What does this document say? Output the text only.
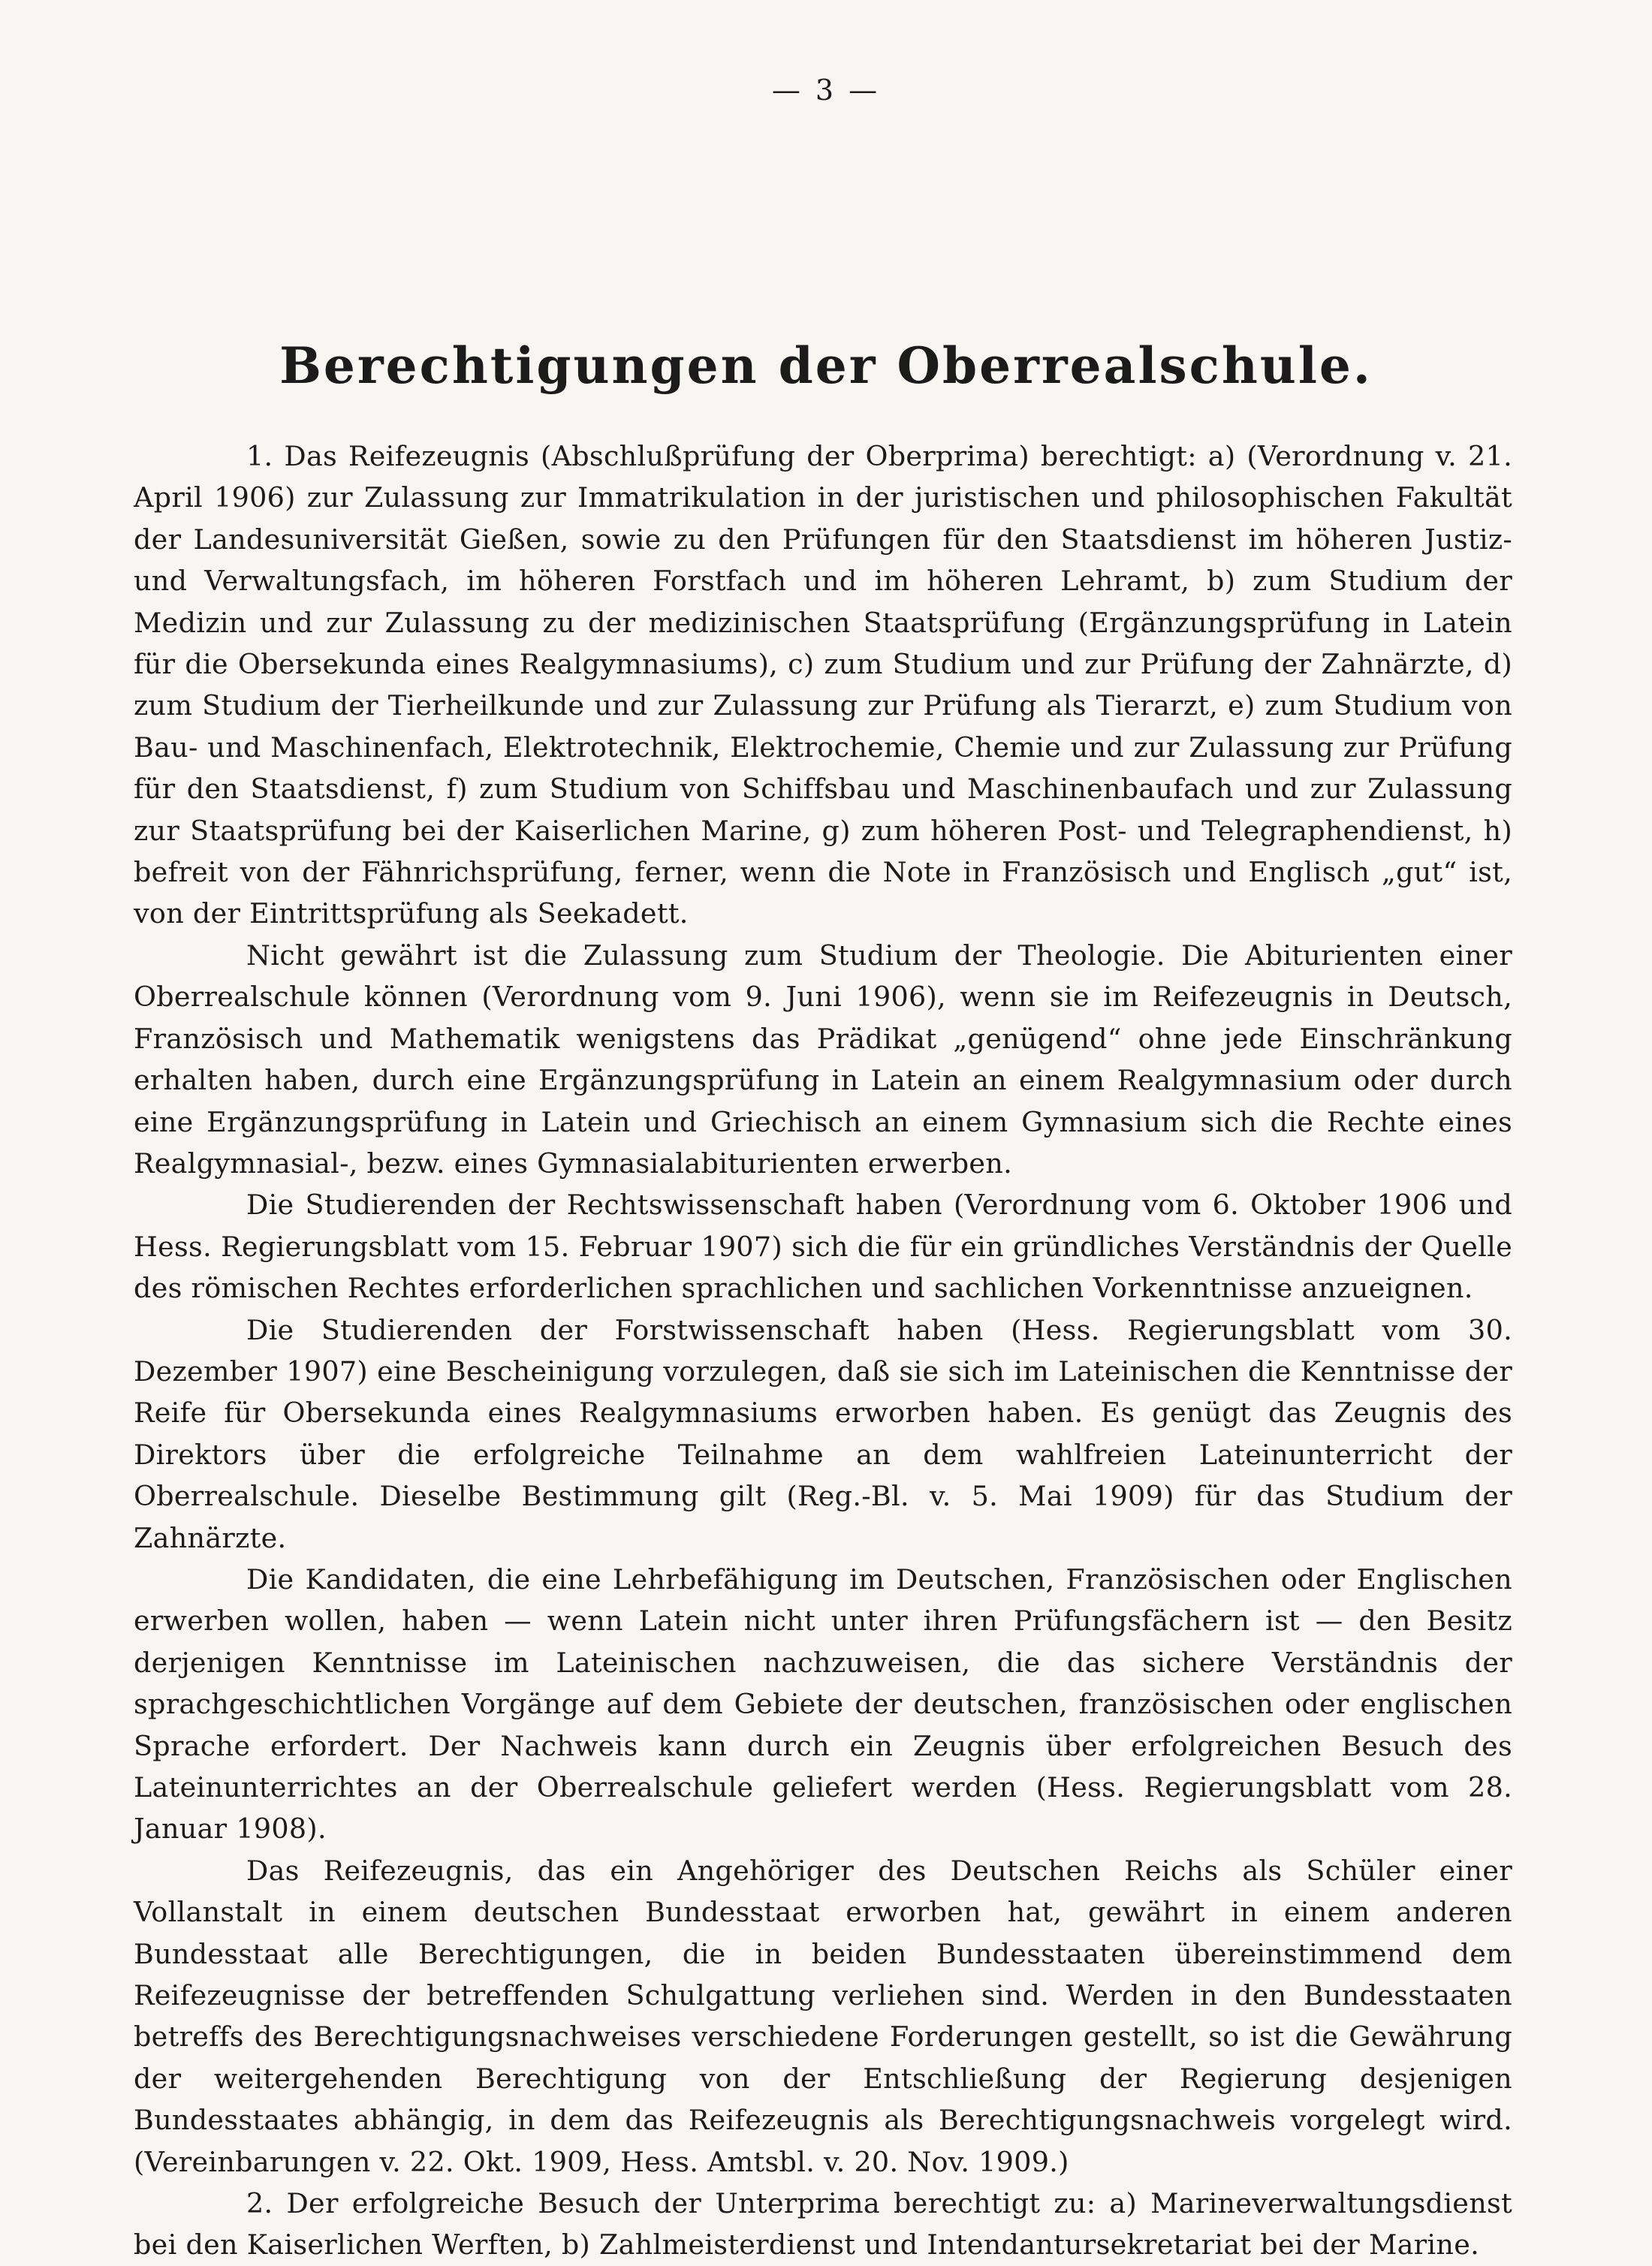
— 3 —
Berechtigungen der Oberrealschule.

1. Das Reifezeugnis (Abschlußprüfung der Oberprima) berechtigt: a) (Verordnung v. 21. April 1906) zur Zulassung zur Immatrikulation in der juristischen und philosophischen Fakultät der Landesuniversität Gießen, sowie zu den Prüfungen für den Staatsdienst im höheren Justiz- und Verwaltungsfach, im höheren Forstfach und im höheren Lehramt, b) zum Studium der Medizin und zur Zulassung zu der medizinischen Staatsprüfung (Ergänzungsprüfung in Latein für die Obersekunda eines Realgymnasiums), c) zum Studium und zur Prüfung der Zahnärzte, d) zum Studium der Tierheilkunde und zur Zulassung zur Prüfung als Tierarzt, e) zum Studium von Bau- und Maschinenfach, Elektrotechnik, Elektrochemie, Chemie und zur Zulassung zur Prüfung für den Staatsdienst, f) zum Studium von Schiffsbau und Maschinenbaufach und zur Zulassung zur Staatsprüfung bei der Kaiserlichen Marine, g) zum höheren Post- und Telegraphendienst, h) befreit von der Fähnrichsprüfung, ferner, wenn die Note in Französisch und Englisch „gut“ ist, von der Eintrittsprüfung als Seekadett.

Nicht gewährt ist die Zulassung zum Studium der Theologie. Die Abiturienten einer Oberrealschule können (Verordnung vom 9. Juni 1906), wenn sie im Reifezeugnis in Deutsch, Französisch und Mathematik wenigstens das Prädikat „genügend“ ohne jede Einschränkung erhalten haben, durch eine Ergänzungsprüfung in Latein an einem Realgymnasium oder durch eine Ergänzungsprüfung in Latein und Griechisch an einem Gymnasium sich die Rechte eines Realgymnasial-, bezw. eines Gymnasialabiturienten erwerben.

Die Studierenden der Rechtswissenschaft haben (Verordnung vom 6. Oktober 1906 und Hess. Regierungsblatt vom 15. Februar 1907) sich die für ein gründliches Verständnis der Quelle des römischen Rechtes erforderlichen sprachlichen und sachlichen Vorkenntnisse anzueignen.

Die Studierenden der Forstwissenschaft haben (Hess. Regierungsblatt vom 30. Dezember 1907) eine Bescheinigung vorzulegen, daß sie sich im Lateinischen die Kenntnisse der Reife für Obersekunda eines Realgymnasiums erworben haben. Es genügt das Zeugnis des Direktors über die erfolgreiche Teilnahme an dem wahlfreien Lateinunterricht der Oberrealschule. Dieselbe Bestimmung gilt (Reg.-Bl. v. 5. Mai 1909) für das Studium der Zahnärzte.

Die Kandidaten, die eine Lehrbefähigung im Deutschen, Französischen oder Englischen erwerben wollen, haben — wenn Latein nicht unter ihren Prüfungsfächern ist — den Besitz derjenigen Kenntnisse im Lateinischen nachzuweisen, die das sichere Verständnis der sprachgeschichtlichen Vorgänge auf dem Gebiete der deutschen, französischen oder englischen Sprache erfordert. Der Nachweis kann durch ein Zeugnis über erfolgreichen Besuch des Lateinunterrichtes an der Oberrealschule geliefert werden (Hess. Regierungsblatt vom 28. Januar 1908).

Das Reifezeugnis, das ein Angehöriger des Deutschen Reichs als Schüler einer Vollanstalt in einem deutschen Bundesstaat erworben hat, gewährt in einem anderen Bundesstaat alle Berechtigungen, die in beiden Bundesstaaten übereinstimmend dem Reifezeugnisse der betreffenden Schulgattung verliehen sind. Werden in den Bundesstaaten betreffs des Berechtigungsnachweises verschiedene Forderungen gestellt, so ist die Gewährung der weitergehenden Berechtigung von der Entschließung der Regierung desjenigen Bundesstaates abhängig, in dem das Reifezeugnis als Berechtigungsnachweis vorgelegt wird. (Vereinbarungen v. 22. Okt. 1909, Hess. Amtsbl. v. 20. Nov. 1909.)

2. Der erfolgreiche Besuch der Unterprima berechtigt zu: a) Marineverwaltungsdienst bei den Kaiserlichen Werften, b) Zahlmeisterdienst und Intendantursekretariat bei der Marine.
